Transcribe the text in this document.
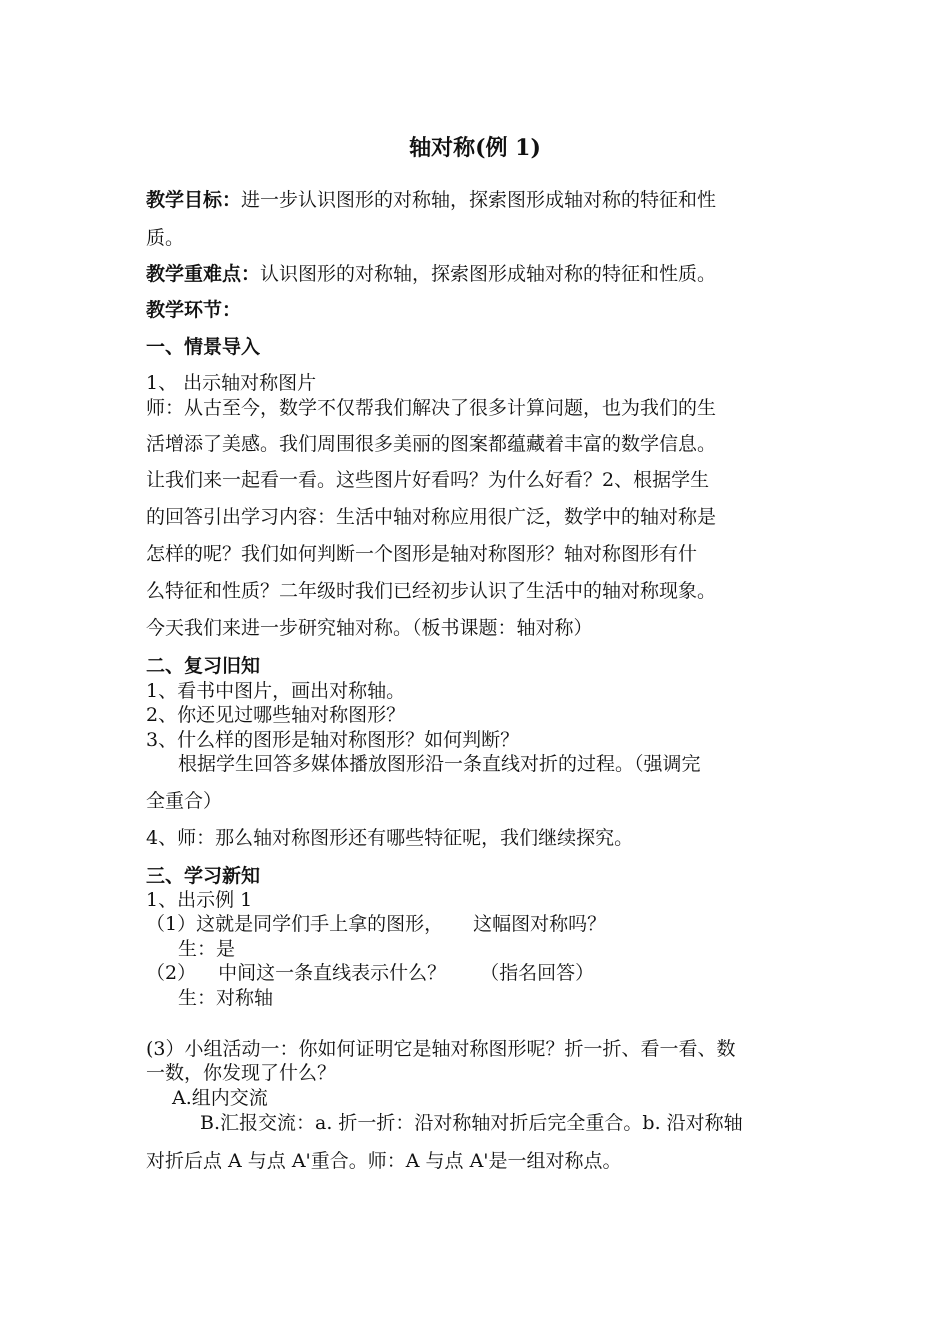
轴对称(例 1)
教学目标：进一步认识图形的对称轴，探索图形成轴对称的特征和性
质。
教学重难点：认识图形的对称轴，探索图形成轴对称的特征和性质。
教学环节：
一、情景导入
1、 出示轴对称图片
师：从古至今，数学不仅帮我们解决了很多计算问题，也为我们的生
活增添了美感。我们周围很多美丽的图案都蕴藏着丰富的数学信息。
让我们来一起看一看。这些图片好看吗？为什么好看？2、根据学生
的回答引出学习内容：生活中轴对称应用很广泛，数学中的轴对称是
怎样的呢？我们如何判断一个图形是轴对称图形？轴对称图形有什
么特征和性质？二年级时我们已经初步认识了生活中的轴对称现象。
今天我们来进一步研究轴对称。（板书课题：轴对称）
二、复习旧知
1、看书中图片，画出对称轴。
2、你还见过哪些轴对称图形？
3、什么样的图形是轴对称图形？如何判断？
根据学生回答多媒体播放图形沿一条直线对折的过程。（强调完
全重合）
4、师：那么轴对称图形还有哪些特征呢，我们继续探究。
三、学习新知
1、出示例 1
（1）这就是同学们手上拿的图形， 这幅图对称吗？
生：是
（2） 中间这一条直线表示什么？ （指名回答）
生：对称轴
(3）小组活动一：你如何证明它是轴对称图形呢？折一折、看一看、数
一数，你发现了什么？
A.组内交流
B.汇报交流：a. 折一折：沿对称轴对折后完全重合。b. 沿对称轴
对折后点 A 与点 A'重合。师：A 与点 A'是一组对称点。
